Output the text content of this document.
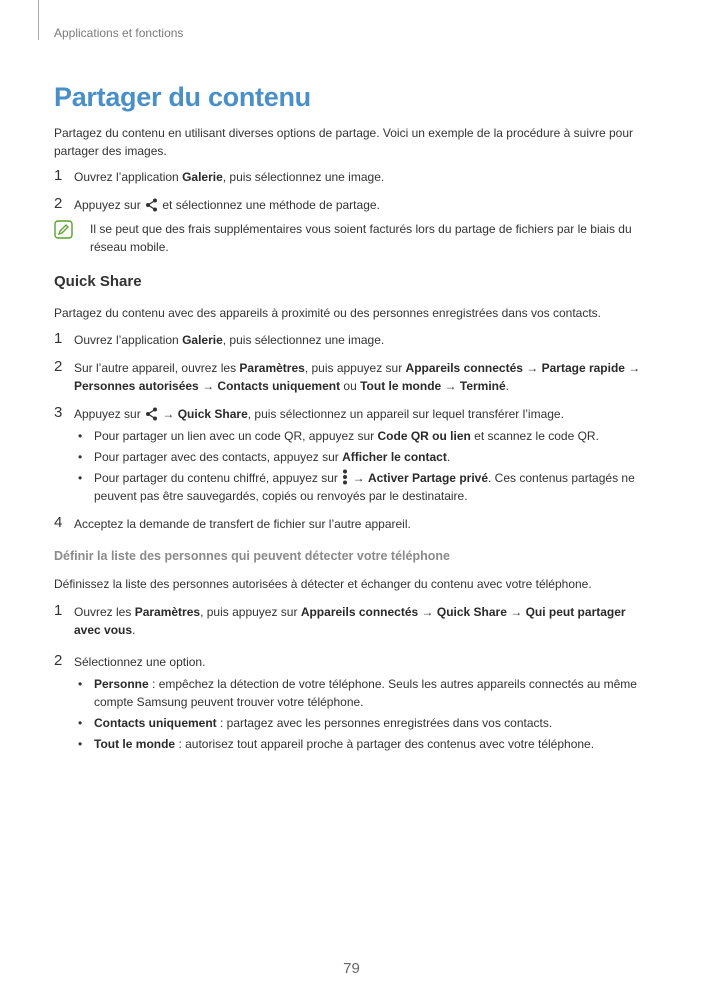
Applications et fonctions
Partager du contenu

Partagez du contenu en utilisant diverses options de partage. Voici un exemple de la procédure à suivre pour partager des images.

1 Ouvrez l’application Galerie, puis sélectionnez une image.
2 Appuyez sur  et sélectionnez une méthode de partage.
Il se peut que des frais supplémentaires vous soient facturés lors du partage de fichiers par le biais du réseau mobile.
Quick Share

Partagez du contenu avec des appareils à proximité ou des personnes enregistrées dans vos contacts.

1 Ouvrez l’application Galerie, puis sélectionnez une image.
2 Sur l’autre appareil, ouvrez les Paramètres, puis appuyez sur Appareils connectés → Partage rapide → Personnes autorisées → Contacts uniquement ou Tout le monde → Terminé.
3 Appuyez sur  → Quick Share, puis sélectionnez un appareil sur lequel transférer l’image.
• Pour partager un lien avec un code QR, appuyez sur Code QR ou lien et scannez le code QR.
• Pour partager avec des contacts, appuyez sur Afficher le contact.
• Pour partager du contenu chiffré, appuyez sur  → Activer Partage privé. Ces contenus partagés ne peuvent pas être sauvegardés, copiés ou renvoyés par le destinataire.
4 Acceptez la demande de transfert de fichier sur l’autre appareil.
Définir la liste des personnes qui peuvent détecter votre téléphone

Définissez la liste des personnes autorisées à détecter et échanger du contenu avec votre téléphone.

1 Ouvrez les Paramètres, puis appuyez sur Appareils connectés → Quick Share → Qui peut partager avec vous.
2 Sélectionnez une option.
• Personne : empêchez la détection de votre téléphone. Seuls les autres appareils connectés au même compte Samsung peuvent trouver votre téléphone.
• Contacts uniquement : partagez avec les personnes enregistrées dans vos contacts.
• Tout le monde : autorisez tout appareil proche à partager des contenus avec votre téléphone.
79
